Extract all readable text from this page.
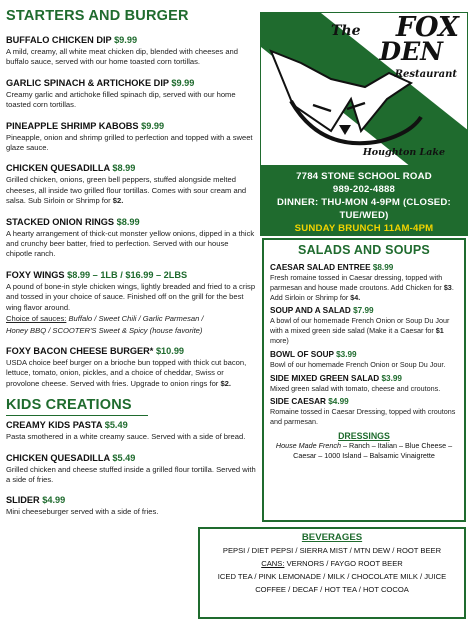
STARTERS AND BURGER
BUFFALO CHICKEN DIP $9.99
A mild, creamy, all white meat chicken dip, blended with cheeses and buffalo sauce, served with our home toasted corn tortillas.
GARLIC SPINACH & ARTICHOKE DIP $9.99
Creamy garlic and artichoke filled spinach dip, served with our home toasted corn tortillas.
PINEAPPLE SHRIMP KABOBS $9.99
Pineapple, onion and shrimp grilled to perfection and topped with a sweet glaze sauce.
CHICKEN QUESADILLA $8.99
Grilled chicken, onions, green bell peppers, stuffed alongside melted cheeses, all inside two grilled flour tortillas. Comes with sour cream and salsa. Sub Sirloin or Shrimp for $2.
STACKED ONION RINGS $8.99
A hearty arrangement of thick-cut monster yellow onions, dipped in a thick and crunchy beer batter, fried to perfection. Served with our house chipotle ranch.
FOXY WINGS $8.99 – 1LB / $16.99 – 2LBS
A pound of bone-in style chicken wings, lightly breaded and fried to a crisp and tossed in your choice of sauce. Finished off on the grill for the best wing flavor around.
Choice of sauces: Buffalo / Sweet Chili / Garlic Parmesan /
Honey BBQ / SCOOTER'S Sweet & Spicy (house favorite)
FOXY BACON CHEESE BURGER* $10.99
USDA choice beef burger on a brioche bun topped with thick cut bacon, lettuce, tomato, onion, pickles, and a choice of cheddar, Swiss or provolone cheese. Served with fries. Upgrade to onion rings for $2.
KIDS CREATIONS
CREAMY KIDS PASTA $5.49
Pasta smothered in a white creamy sauce. Served with a side of bread.
CHICKEN QUESADILLA $5.49
Grilled chicken and cheese stuffed inside a grilled flour tortilla. Served with a side of fries.
SLIDER $4.99
Mini cheeseburger served with a side of fries.
The FOX
DEN
Restaurant
Houghton Lake
7784 STONE SCHOOL ROAD
989-202-4888
DINNER: THU-MON 4-9PM (CLOSED: TUE/WED)
SUNDAY BRUNCH 11AM-4PM
SALADS AND SOUPS
CAESAR SALAD ENTREE $8.99
Fresh romaine tossed in Caesar dressing, topped with parmesan and house made croutons. Add Chicken for $3. Add Sirloin or Shrimp for $4.
SOUP AND A SALAD $7.99
A bowl of our homemade French Onion or Soup Du Jour with a mixed green side salad (Make it a Caesar for $1 more)
BOWL OF SOUP $3.99
Bowl of our homemade French Onion or Soup Du Jour.
SIDE MIXED GREEN SALAD $3.99
Mixed green salad with tomato, cheese and croutons.
SIDE CAESAR $4.99
Romaine tossed in Caesar Dressing, topped with croutons and parmesan.
DRESSINGS
House Made French – Ranch – Italian – Blue Cheese –
Caesar – 1000 Island – Balsamic Vinaigrette
BEVERAGES
PEPSI / DIET PEPSI / SIERRA MIST / MTN DEW / ROOT BEER
CANS: VERNORS / FAYGO ROOT BEER
ICED TEA / PINK LEMONADE / MILK / CHOCOLATE MILK / JUICE
COFFEE / DECAF / HOT TEA / HOT COCOA
